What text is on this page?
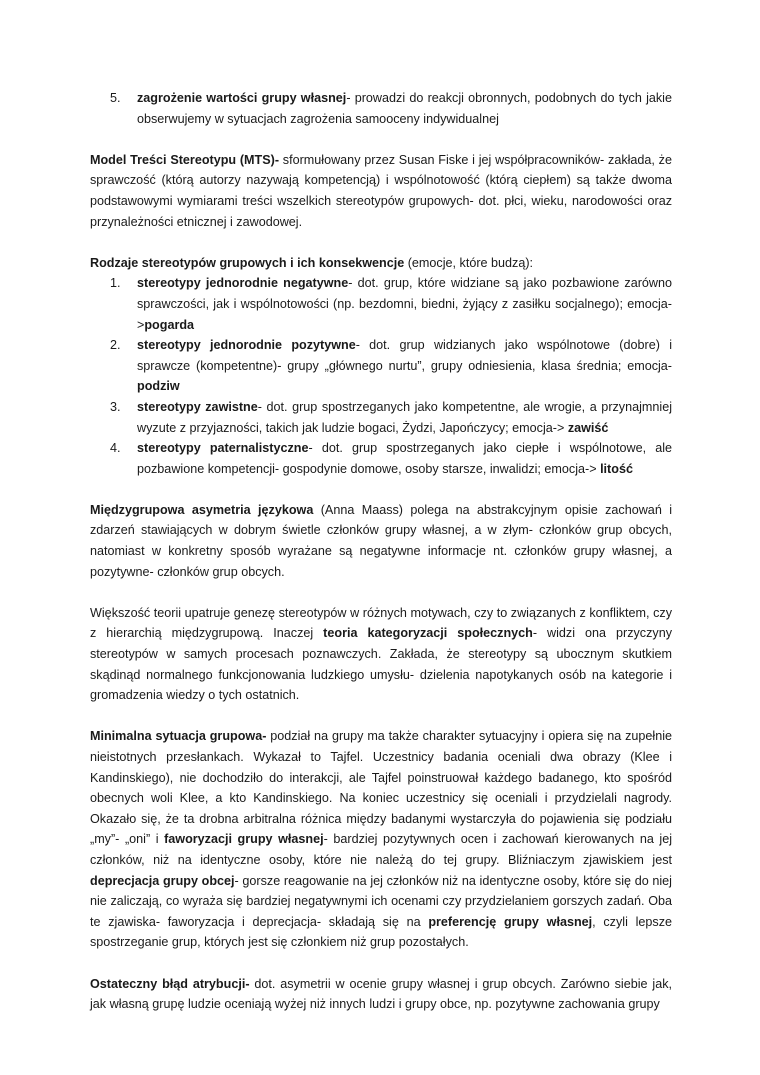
5. zagrożenie wartości grupy własnej- prowadzi do reakcji obronnych, podobnych do tych jakie obserwujemy w sytuacjach zagrożenia samooceny indywidualnej

Model Treści Stereotypu (MTS)- sformułowany przez Susan Fiske i jej współpracowników- zakłada, że sprawczość (którą autorzy nazywają kompetencją) i wspólnotowość (którą ciepłem) są także dwoma podstawowymi wymiarami treści wszelkich stereotypów grupowych- dot. płci, wieku, narodowości oraz przynależności etnicznej i zawodowej.

Rodzaje stereotypów grupowych i ich konsekwencje (emocje, które budzą):
1. stereotypy jednorodnie negatywne- dot. grup, które widziane są jako pozbawione zarówno sprawczości, jak i wspólnotowości (np. bezdomni, biedni, żyjący z zasiłku socjalnego); emocja->pogarda
2. stereotypy jednorodnie pozytywne- dot. grup widzianych jako wspólnotowe (dobre) i sprawcze (kompetentne)- grupy „głównego nurtu”, grupy odniesienia, klasa średnia; emocja-podziw
3. stereotypy zawistne- dot. grup spostrzeganych jako kompetentne, ale wrogie, a przynajmniej wyzute z przyjazności, takich jak ludzie bogaci, Żydzi, Japończycy; emocja-> zawiść
4. stereotypy paternalistyczne- dot. grup spostrzeganych jako ciepłe i wspólnotowe, ale pozbawione kompetencji- gospodynie domowe, osoby starsze, inwalidzi; emocja-> litość

Międzygrupowa asymetria językowa (Anna Maass) polega na abstrakcyjnym opisie zachowań i zdarzeń stawiających w dobrym świetle członków grupy własnej, a w złym- członków grup obcych, natomiast w konkretny sposób wyrażane są negatywne informacje nt. członków grupy własnej, a pozytywne- członków grup obcych.

Większość teorii upatruje genezę stereotypów w różnych motywach, czy to związanych z konfliktem, czy z hierarchią międzygrupową. Inaczej teoria kategoryzacji społecznych- widzi ona przyczyny stereotypów w samych procesach poznawczych. Zakłada, że stereotypy są ubocznym skutkiem skądinąd normalnego funkcjonowania ludzkiego umysłu- dzielenia napotykanych osób na kategorie i gromadzenia wiedzy o tych ostatnich.

Minimalna sytuacja grupowa- podział na grupy ma także charakter sytuacyjny i opiera się na zupełnie nieistotnych przesłankach. Wykazał to Tajfel. Uczestnicy badania oceniali dwa obrazy (Klee i Kandinskiego), nie dochodziło do interakcji, ale Tajfel poinstruował każdego badanego, kto spośród obecnych woli Klee, a kto Kandinskiego. Na koniec uczestnicy się oceniali i przydzielali nagrody. Okazało się, że ta drobna arbitralna różnica między badanymi wystarczyła do pojawienia się podziału „my”- „oni” i faworyzacji grupy własnej- bardziej pozytywnych ocen i zachowań kierowanych na jej członków, niż na identyczne osoby, które nie należą do tej grupy. Bliźniaczym zjawiskiem jest deprecjacja grupy obcej- gorsze reagowanie na jej członków niż na identyczne osoby, które się do niej nie zaliczają, co wyraża się bardziej negatywnymi ich ocenami czy przydzielaniem gorszych zadań. Oba te zjawiska- faworyzacja i deprecjacja- składają się na preferencję grupy własnej, czyli lepsze spostrzeganie grup, których jest się członkiem niż grup pozostałych.

Ostateczny błąd atrybucji- dot. asymetrii w ocenie grupy własnej i grup obcych. Zarówno siebie jak, jak własną grupę ludzie oceniają wyżej niż innych ludzi i grupy obce, np. pozytywne zachowania grupy
